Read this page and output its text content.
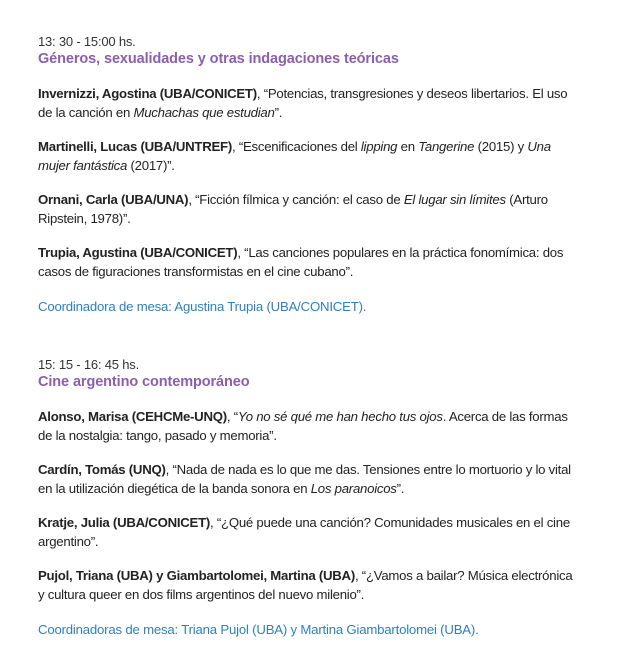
13: 30 - 15:00 hs.
Géneros, sexualidades y otras indagaciones teóricas
Invernizzi, Agostina (UBA/CONICET), “Potencias, transgresiones y deseos libertarios. El uso
de la canción en Muchachas que estudian”.
Martinelli, Lucas (UBA/UNTREF), “Escenificaciones del lipping en Tangerine (2015) y Una
mujer fantástica (2017)”.
Ornani, Carla (UBA/UNA), “Ficción fílmica y canción: el caso de El lugar sin límites (Arturo
Ripstein, 1978)”.
Trupia, Agustina (UBA/CONICET), “Las canciones populares en la práctica fonomímica: dos
casos de figuraciones transformistas en el cine cubano”.
Coordinadora de mesa: Agustina Trupia (UBA/CONICET).
15: 15 - 16: 45 hs.
Cine argentino contemporáneo
Alonso, Marisa (CEHCMe-UNQ), “Yo no sé qué me han hecho tus ojos. Acerca de las formas
de la nostalgia: tango, pasado y memoria”.
Cardín, Tomás (UNQ), “Nada de nada es lo que me das. Tensiones entre lo mortuorio y lo vital
en la utilización diegética de la banda sonora en Los paranoicos”.
Kratje, Julia (UBA/CONICET), “¿Qué puede una canción? Comunidades musicales en el cine
argentino”.
Pujol, Triana (UBA) y Giambartolomei, Martina (UBA), “¿Vamos a bailar? Música electrónica
y cultura queer en dos films argentinos del nuevo milenio”.
Coordinadoras de mesa: Triana Pujol (UBA) y Martina Giambartolomei (UBA).
